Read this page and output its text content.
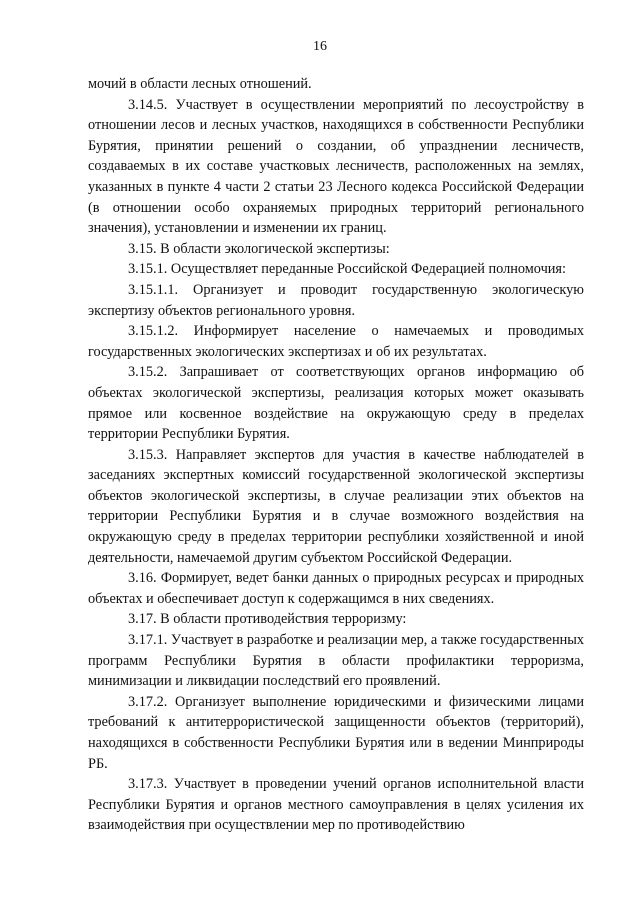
16

мочий в области лесных отношений.

3.14.5. Участвует в осуществлении мероприятий по лесоустройству в отношении лесов и лесных участков, находящихся в собственности Республики Бурятия, принятии решений о создании, об упразднении лесничеств, создаваемых в их составе участковых лесничеств, расположенных на землях, указанных в пункте 4 части 2 статьи 23 Лесного кодекса Российской Федерации (в отношении особо охраняемых природных территорий регионального значения), установлении и изменении их границ.

3.15. В области экологической экспертизы:

3.15.1. Осуществляет переданные Российской Федерацией полномочия:

3.15.1.1. Организует и проводит государственную экологическую экспертизу объектов регионального уровня.

3.15.1.2. Информирует население о намечаемых и проводимых государственных экологических экспертизах и об их результатах.

3.15.2. Запрашивает от соответствующих органов информацию об объектах экологической экспертизы, реализация которых может оказывать прямое или косвенное воздействие на окружающую среду в пределах территории Республики Бурятия.

3.15.3. Направляет экспертов для участия в качестве наблюдателей в заседаниях экспертных комиссий государственной экологической экспертизы объектов экологической экспертизы, в случае реализации этих объектов на территории Республики Бурятия и в случае возможного воздействия на окружающую среду в пределах территории республики хозяйственной и иной деятельности, намечаемой другим субъектом Российской Федерации.

3.16. Формирует, ведет банки данных о природных ресурсах и природных объектах и обеспечивает доступ к содержащимся в них сведениях.

3.17. В области противодействия терроризму:

3.17.1. Участвует в разработке и реализации мер, а также государственных программ Республики Бурятия в области профилактики терроризма, минимизации и ликвидации последствий его проявлений.

3.17.2. Организует выполнение юридическими и физическими лицами требований к антитеррористической защищенности объектов (территорий), находящихся в собственности Республики Бурятия или в ведении Минприроды РБ.

3.17.3. Участвует в проведении учений органов исполнительной власти Республики Бурятия и органов местного самоуправления в целях усиления их взаимодействия при осуществлении мер по противодействию
